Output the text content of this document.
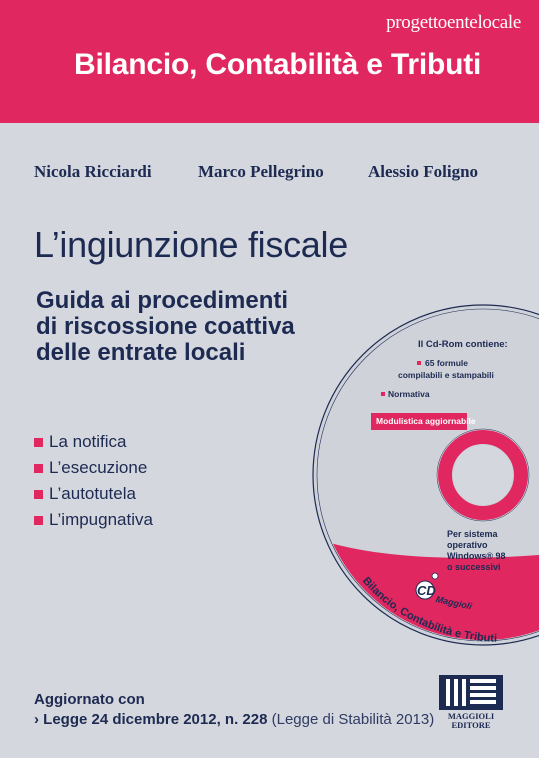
progettoentelocale
Bilancio, Contabilità e Tributi
Nicola Ricciardi	Marco Pellegrino	Alessio Foligno
L’ingiunzione fiscale
Guida ai procedimenti
di riscossione coattiva
delle entrate locali
CD
Bilancio, Contabilità e Tributi
Il Cd-Rom contiene:
65 formule
compilabili e stampabili
Normativa
Modulistica aggiornabile
Per sistema
operativo
Windows® 98
o successivi
Maggioli
La notifica
L’esecuzione
L’autotutela
L’impugnativa
Aggiornato con
› Legge 24 dicembre 2012, n. 228 (Legge di Stabilità 2013)	MAGGIOLI
EDITORE
